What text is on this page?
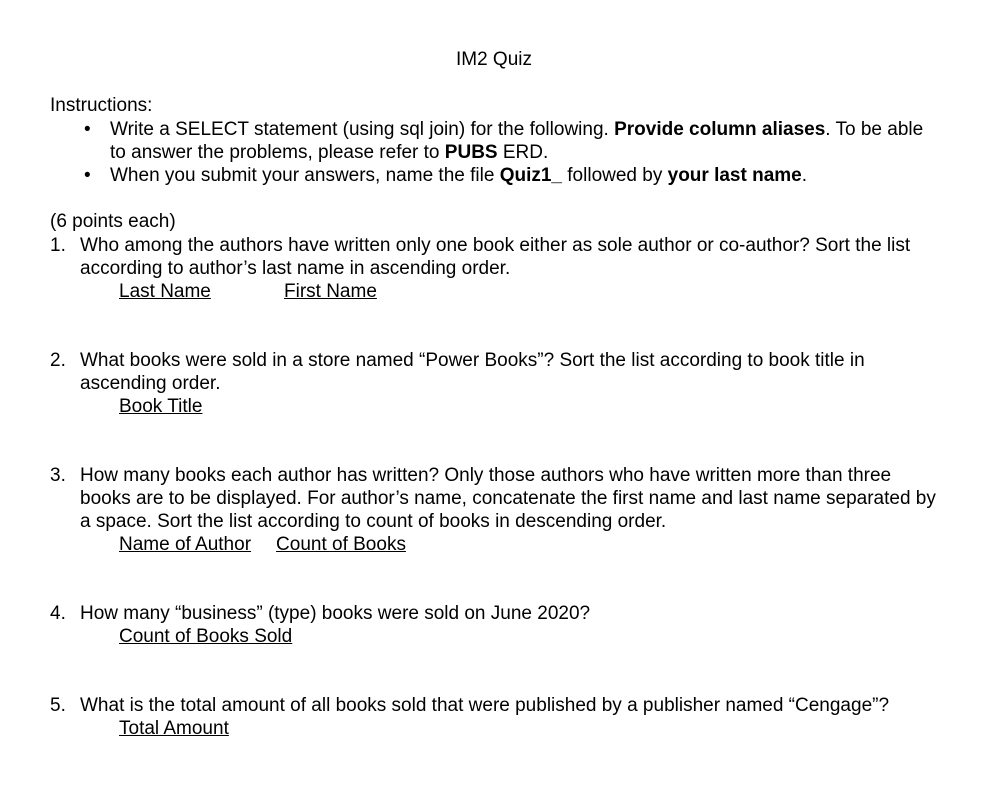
IM2 Quiz
Instructions:
• Write a SELECT statement (using sql join) for the following. Provide column aliases. To be able to answer the problems, please refer to PUBS ERD.
• When you submit your answers, name the file Quiz1_ followed by your last name.
(6 points each)
1. Who among the authors have written only one book either as sole author or co-author? Sort the list according to author’s last name in ascending order.
Last Name	First Name
2. What books were sold in a store named “Power Books”? Sort the list according to book title in ascending order.
Book Title
3. How many books each author has written? Only those authors who have written more than three books are to be displayed. For author’s name, concatenate the first name and last name separated by a space. Sort the list according to count of books in descending order.
Name of Author Count of Books
4. How many “business” (type) books were sold on June 2020?
Count of Books Sold
5. What is the total amount of all books sold that were published by a publisher named “Cengage”?
Total Amount
